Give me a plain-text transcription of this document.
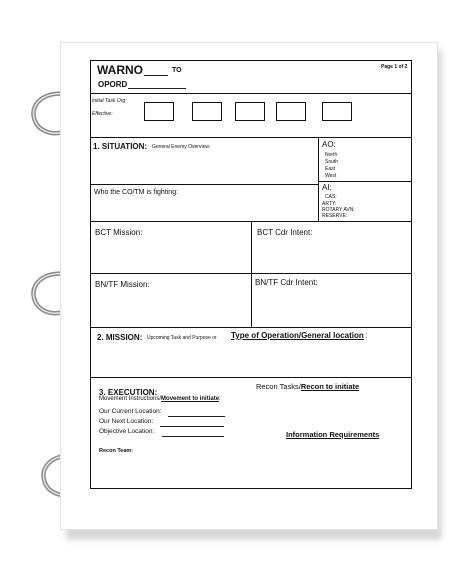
WARNO	TO
OPORD
Page 1 of 2
Initial Task Org:
Effective:
1. SITUATION: General Enemy Overview:
Who the CO/TM is fighting:
AO:
North
South
East
West
AI:
CAS:
ARTY:
ROTARY AVN:
RESERVE:
BCT Mission:	BCT Cdr Intent:
BN/TF Mission:	BN/TF Cdr Intent:
2. MISSION: Upcoming Task and Purpose or Type of Operation/General location :
3. EXECUTION:
Movement Instructions/Movement to initiate:
Our Current Location:
Our Next Location:
Objective Location:
Recon Tasks/Recon to initiate
Information Requirements
Recon Team:
